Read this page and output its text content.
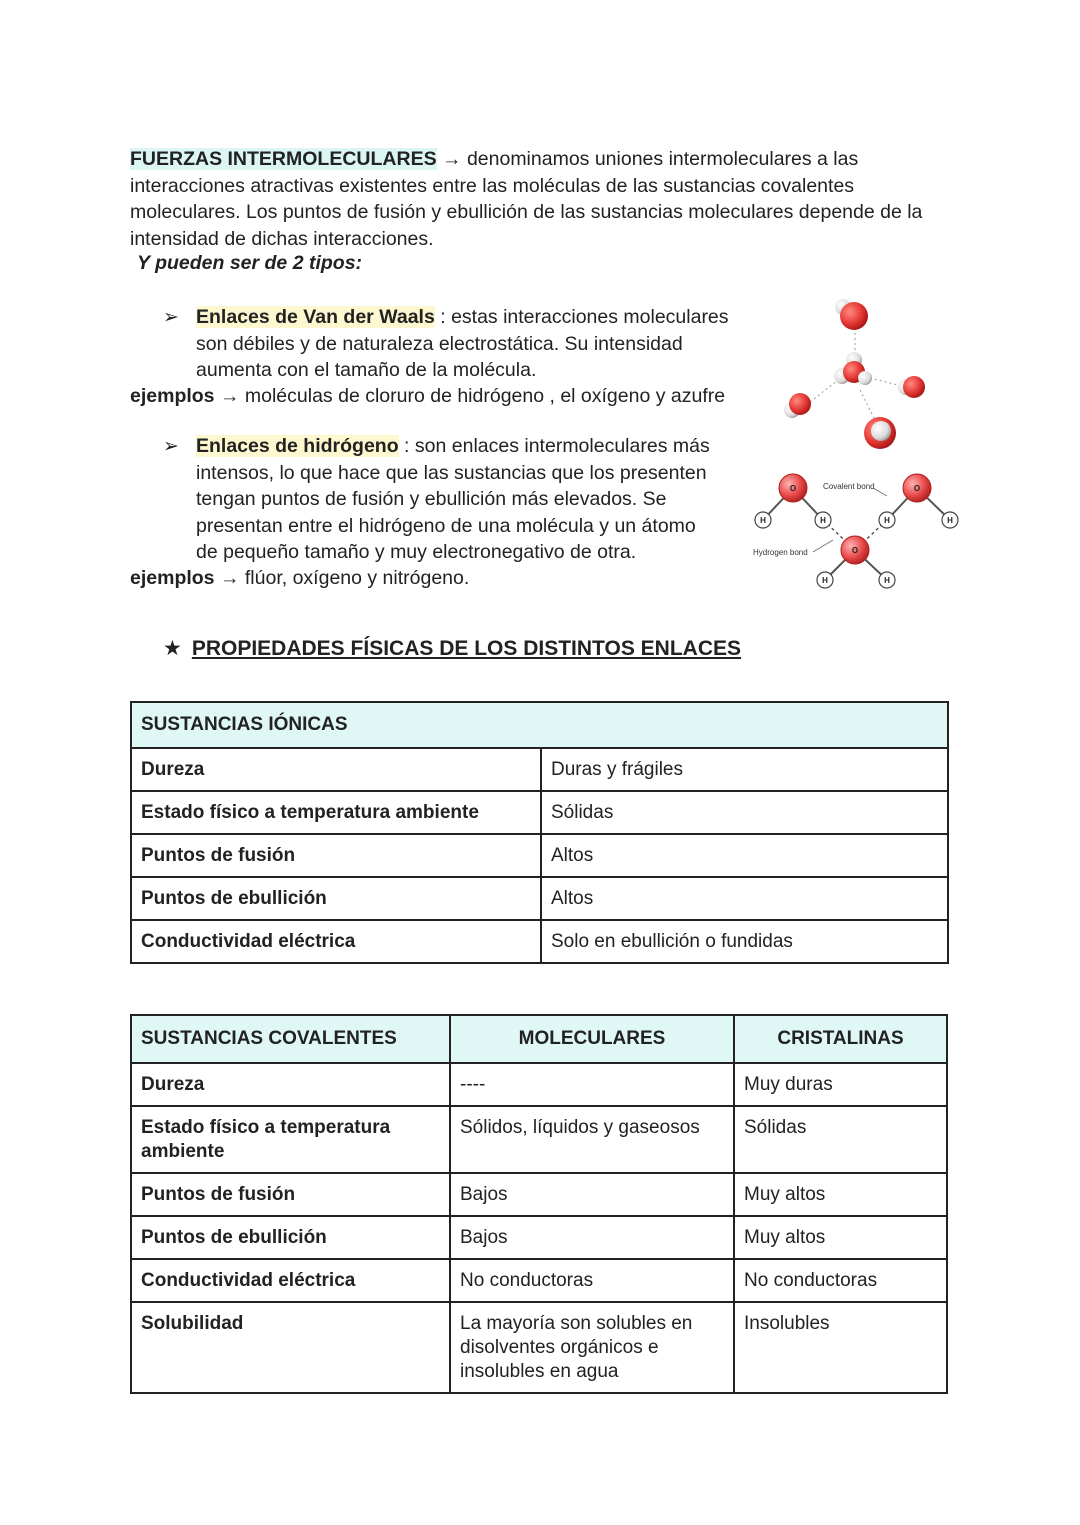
FUERZAS INTERMOLECULARES → denominamos uniones intermoleculares a las interacciones atractivas existentes entre las moléculas de las sustancias covalentes moleculares. Los puntos de fusión y ebullición de las sustancias moleculares depende de la intensidad de dichas interacciones.
Y pueden ser de 2 tipos:
➢ Enlaces de Van der Waals : estas interacciones moleculares
son débiles y de naturaleza electrostática. Su intensidad
aumenta con el tamaño de la molécula.
ejemplos → moléculas de cloruro de hidrógeno , el oxígeno y azufre
➢ Enlaces de hidrógeno : son enlaces intermoleculares más
intensos, lo que hace que las sustancias que los presenten
tengan puntos de fusión y ebullición más elevados. Se
presentan entre el hidrógeno de una molécula y un átomo
de pequeño tamaño y muy electronegativo de otra.
ejemplos → flúor, oxígeno y nitrógeno.
O	O
O
H	H	H	H
H	H
Covalent bond
Hydrogen bond
★ PROPIEDADES FÍSICAS DE LOS DISTINTOS ENLACES
SUSTANCIAS IÓNICAS	
Dureza	Duras y frágiles
Estado físico a temperatura ambiente	Sólidas
Puntos de fusión	Altos
Puntos de ebullición	Altos
Conductividad eléctrica	Solo en ebullición o fundidas
SUSTANCIAS COVALENTES	MOLECULARES	CRISTALINAS
Dureza	----	Muy duras
Estado físico a temperatura ambiente	Sólidos, líquidos y gaseosos	Sólidas
Puntos de fusión	Bajos	Muy altos
Puntos de ebullición	Bajos	Muy altos
Conductividad eléctrica	No conductoras	No conductoras
Solubilidad	La mayoría son solubles en disolventes orgánicos e insolubles en agua	Insolubles
